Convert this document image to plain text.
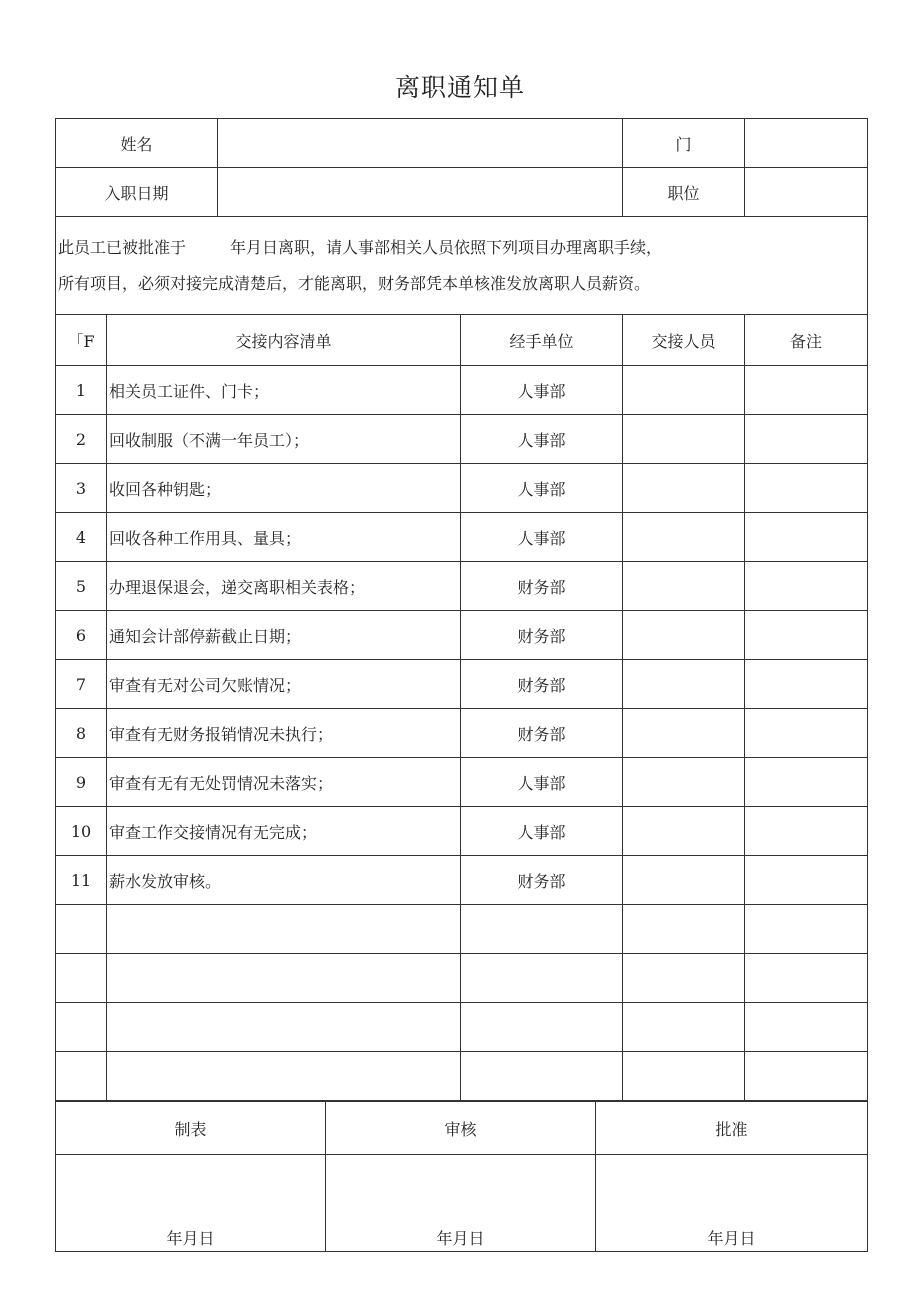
离职通知单
姓名				门	
入职日期				职位	
此员工已被批准于 年月日离职，请人事部相关人员依照下列项目办理离职手续，
所有项目，必须对接完成清楚后，才能离职，财务部凭本单核准发放离职人员薪资。					
「F	交接内容清单		经手单位	交接人员	备注
1	相关员工证件、门卡；		人事部		
2	回收制服（不满一年员工）；		人事部		
3	收回各种钥匙；		人事部		
4	回收各种工作用具、量具；		人事部		
5	办理退保退会，递交离职相关表格；		财务部		
6	通知会计部停薪截止日期；		财务部		
7	审查有无对公司欠账情况；		财务部		
8	审查有无财务报销情况未执行；		财务部		
9	审查有无有无处罚情况未落实；		人事部		
10	审查工作交接情况有无完成；		人事部		
11	薪水发放审核。		财务部		

制表	审核	批准

年月日	年月日	年月日
